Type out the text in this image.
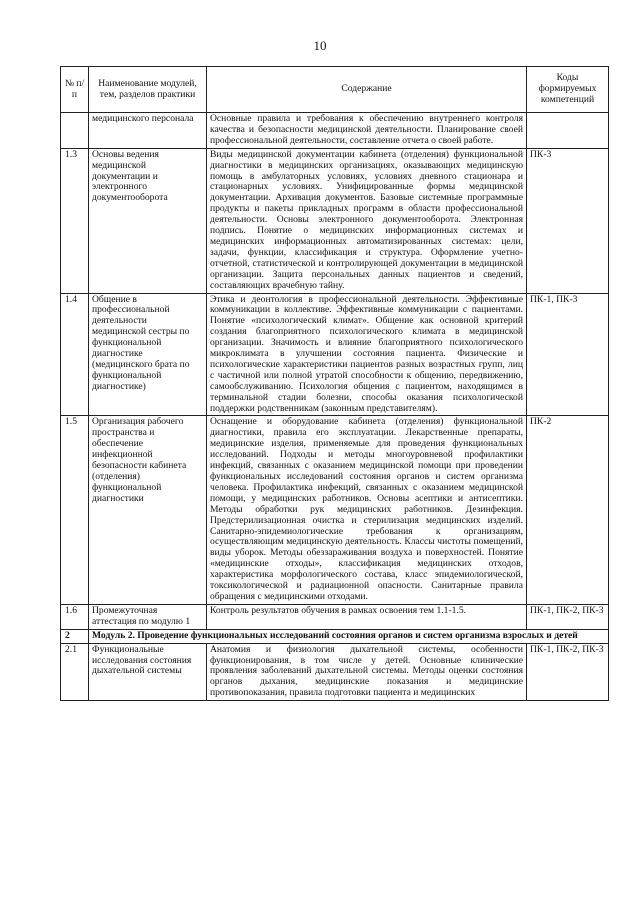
10
№ п/п	Наименование модулей, тем, разделов практики	Содержание	Коды формируемых компетенций
	медицинского персонала	Основные правила и требования к обеспечению внутреннего контроля качества и безопасности медицинской деятельности. Планирование своей профессиональной деятельности, составление отчета о своей работе.	
1.3	Основы ведения медицинской документации и электронного документооборота	Виды медицинской документации кабинета (отделения) функциональной диагностики в медицинских организациях, оказывающих медицинскую помощь в амбулаторных условиях, условиях дневного стационара и стационарных условиях. Унифицированные формы медицинской документации. Архивация документов. Базовые системные программные продукты и пакеты прикладных программ в области профессиональной деятельности. Основы электронного документооборота. Электронная подпись. Понятие о медицинских информационных системах и медицинских информационных автоматизированных системах: цели, задачи, функции, классификация и структура. Оформление учетно-отчетной, статистической и контролирующей документации в медицинской организации. Защита персональных данных пациентов и сведений, составляющих врачебную тайну.	ПК-3
1.4	Общение в профессиональной деятельности медицинской сестры по функциональной диагностике (медицинского брата по функциональной диагностике)	Этика и деонтология в профессиональной деятельности. Эффективные коммуникации в коллективе. Эффективные коммуникации с пациентами. Понятие «психологический климат». Общение как основной критерий создания благоприятного психологического климата в медицинской организации. Значимость и влияние благоприятного психологического микроклимата в улучшении состояния пациента. Физические и психологические характеристики пациентов разных возрастных групп, лиц с частичной или полной утратой способности к общению, передвижению, самообслуживанию. Психология общения с пациентом, находящимся в терминальной стадии болезни, способы оказания психологической поддержки родственникам (законным представителям).	ПК-1, ПК-3
1.5	Организация рабочего пространства и обеспечение инфекционной безопасности кабинета (отделения) функциональной диагностики	Оснащение и оборудование кабинета (отделения) функциональной диагностики, правила его эксплуатации. Лекарственные препараты, медицинские изделия, применяемые для проведения функциональных исследований. Подходы и методы многоуровневой профилактики инфекций, связанных с оказанием медицинской помощи при проведении функциональных исследований состояния органов и систем организма человека. Профилактика инфекций, связанных с оказанием медицинской помощи, у медицинских работников. Основы асептики и антисептики. Методы обработки рук медицинских работников. Дезинфекция. Предстерилизационная очистка и стерилизация медицинских изделий. Санитарно-эпидемиологические требования к организациям, осуществляющим медицинскую деятельность. Классы чистоты помещений, виды уборок. Методы обеззараживания воздуха и поверхностей. Понятие «медицинские отходы», классификация медицинских отходов, характеристика морфологического состава, класс эпидемиологической, токсикологической и радиационной опасности. Санитарные правила обращения с медицинскими отходами.	ПК-2
1.6	Промежуточная аттестация по модулю 1	Контроль результатов обучения в рамках освоения тем 1.1-1.5.	ПК-1, ПК-2, ПК-3
2	Модуль 2. Проведение функциональных исследований состояния органов и систем организма взрослых и детей		
2.1	Функциональные исследования состояния дыхательной системы	Анатомия и физиология дыхательной системы, особенности функционирования, в том числе у детей. Основные клинические проявления заболеваний дыхательной системы. Методы оценки состояния органов дыхания, медицинские показания и медицинские противопоказания, правила подготовки пациента и медицинских	ПК-1, ПК-2, ПК-3
